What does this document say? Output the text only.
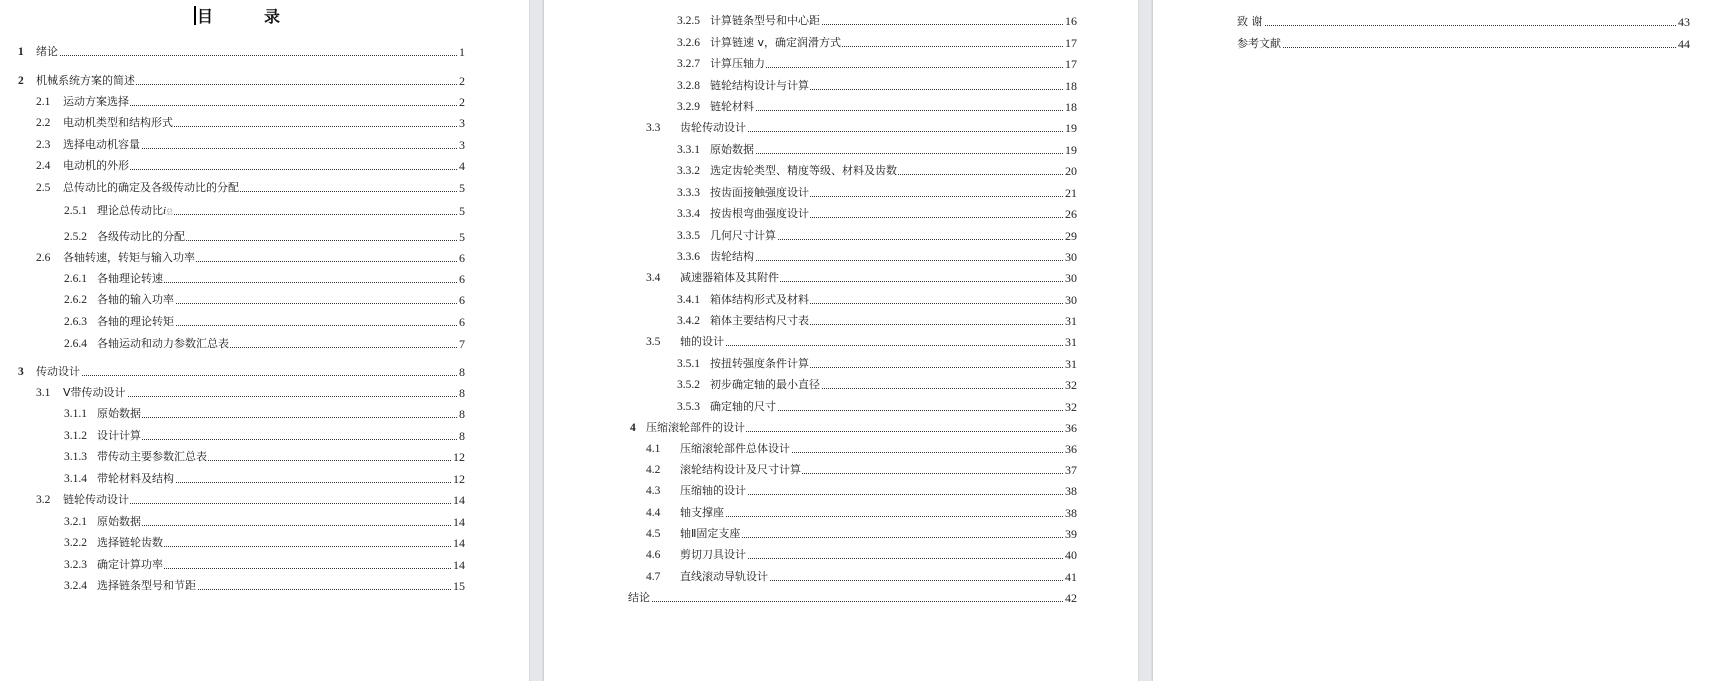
目	录
1 绪论	1
2 机械系统方案的简述	2
2.1 运动方案选择	2
2.2 电动机类型和结构形式	3
2.3 选择电动机容量	3
2.4 电动机的外形	4
2.5 总传动比的确定及各级传动比的分配	5
2.5.1 理论总传动比i总	5
2.5.2 各级传动比的分配	5
2.6 各轴转速，转矩与输入功率	6
2.6.1 各轴理论转速	6
2.6.2 各轴的输入功率	6
2.6.3 各轴的理论转矩	6
2.6.4 各轴运动和动力参数汇总表	7
3 传动设计	8
3.1 V带传动设计	8
3.1.1 原始数据	8
3.1.2 设计计算	8
3.1.3 带传动主要参数汇总表	12
3.1.4 带轮材料及结构	12
3.2 链轮传动设计	14
3.2.1 原始数据	14
3.2.2 选择链轮齿数	14
3.2.3 确定计算功率	14
3.2.4 选择链条型号和节距	15
3.2.5 计算链条型号和中心距	16
3.2.6 计算链速 v，确定润滑方式	17
3.2.7 计算压轴力	17
3.2.8 链轮结构设计与计算	18
3.2.9 链轮材料	18
3.3 齿轮传动设计	19
3.3.1 原始数据	19
3.3.2 选定齿轮类型、精度等级、材料及齿数	20
3.3.3 按齿面接触强度设计	21
3.3.4 按齿根弯曲强度设计	26
3.3.5 几何尺寸计算	29
3.3.6 齿轮结构	30
3.4 减速器箱体及其附件	30
3.4.1 箱体结构形式及材料	30
3.4.2 箱体主要结构尺寸表	31
3.5 轴的设计	31
3.5.1 按扭转强度条件计算	31
3.5.2 初步确定轴的最小直径	32
3.5.3 确定轴的尺寸	32
4 压缩滚轮部件的设计	36
4.1 压缩滚轮部件总体设计	36
4.2 滚轮结构设计及尺寸计算	37
4.3 压缩轴的设计	38
4.4 轴支撑座	38
4.5 轴Ⅱ固定支座	39
4.6 剪切刀具设计	40
4.7 直线滚动导轨设计	41
结论	42
致 谢	43
参考文献	44
